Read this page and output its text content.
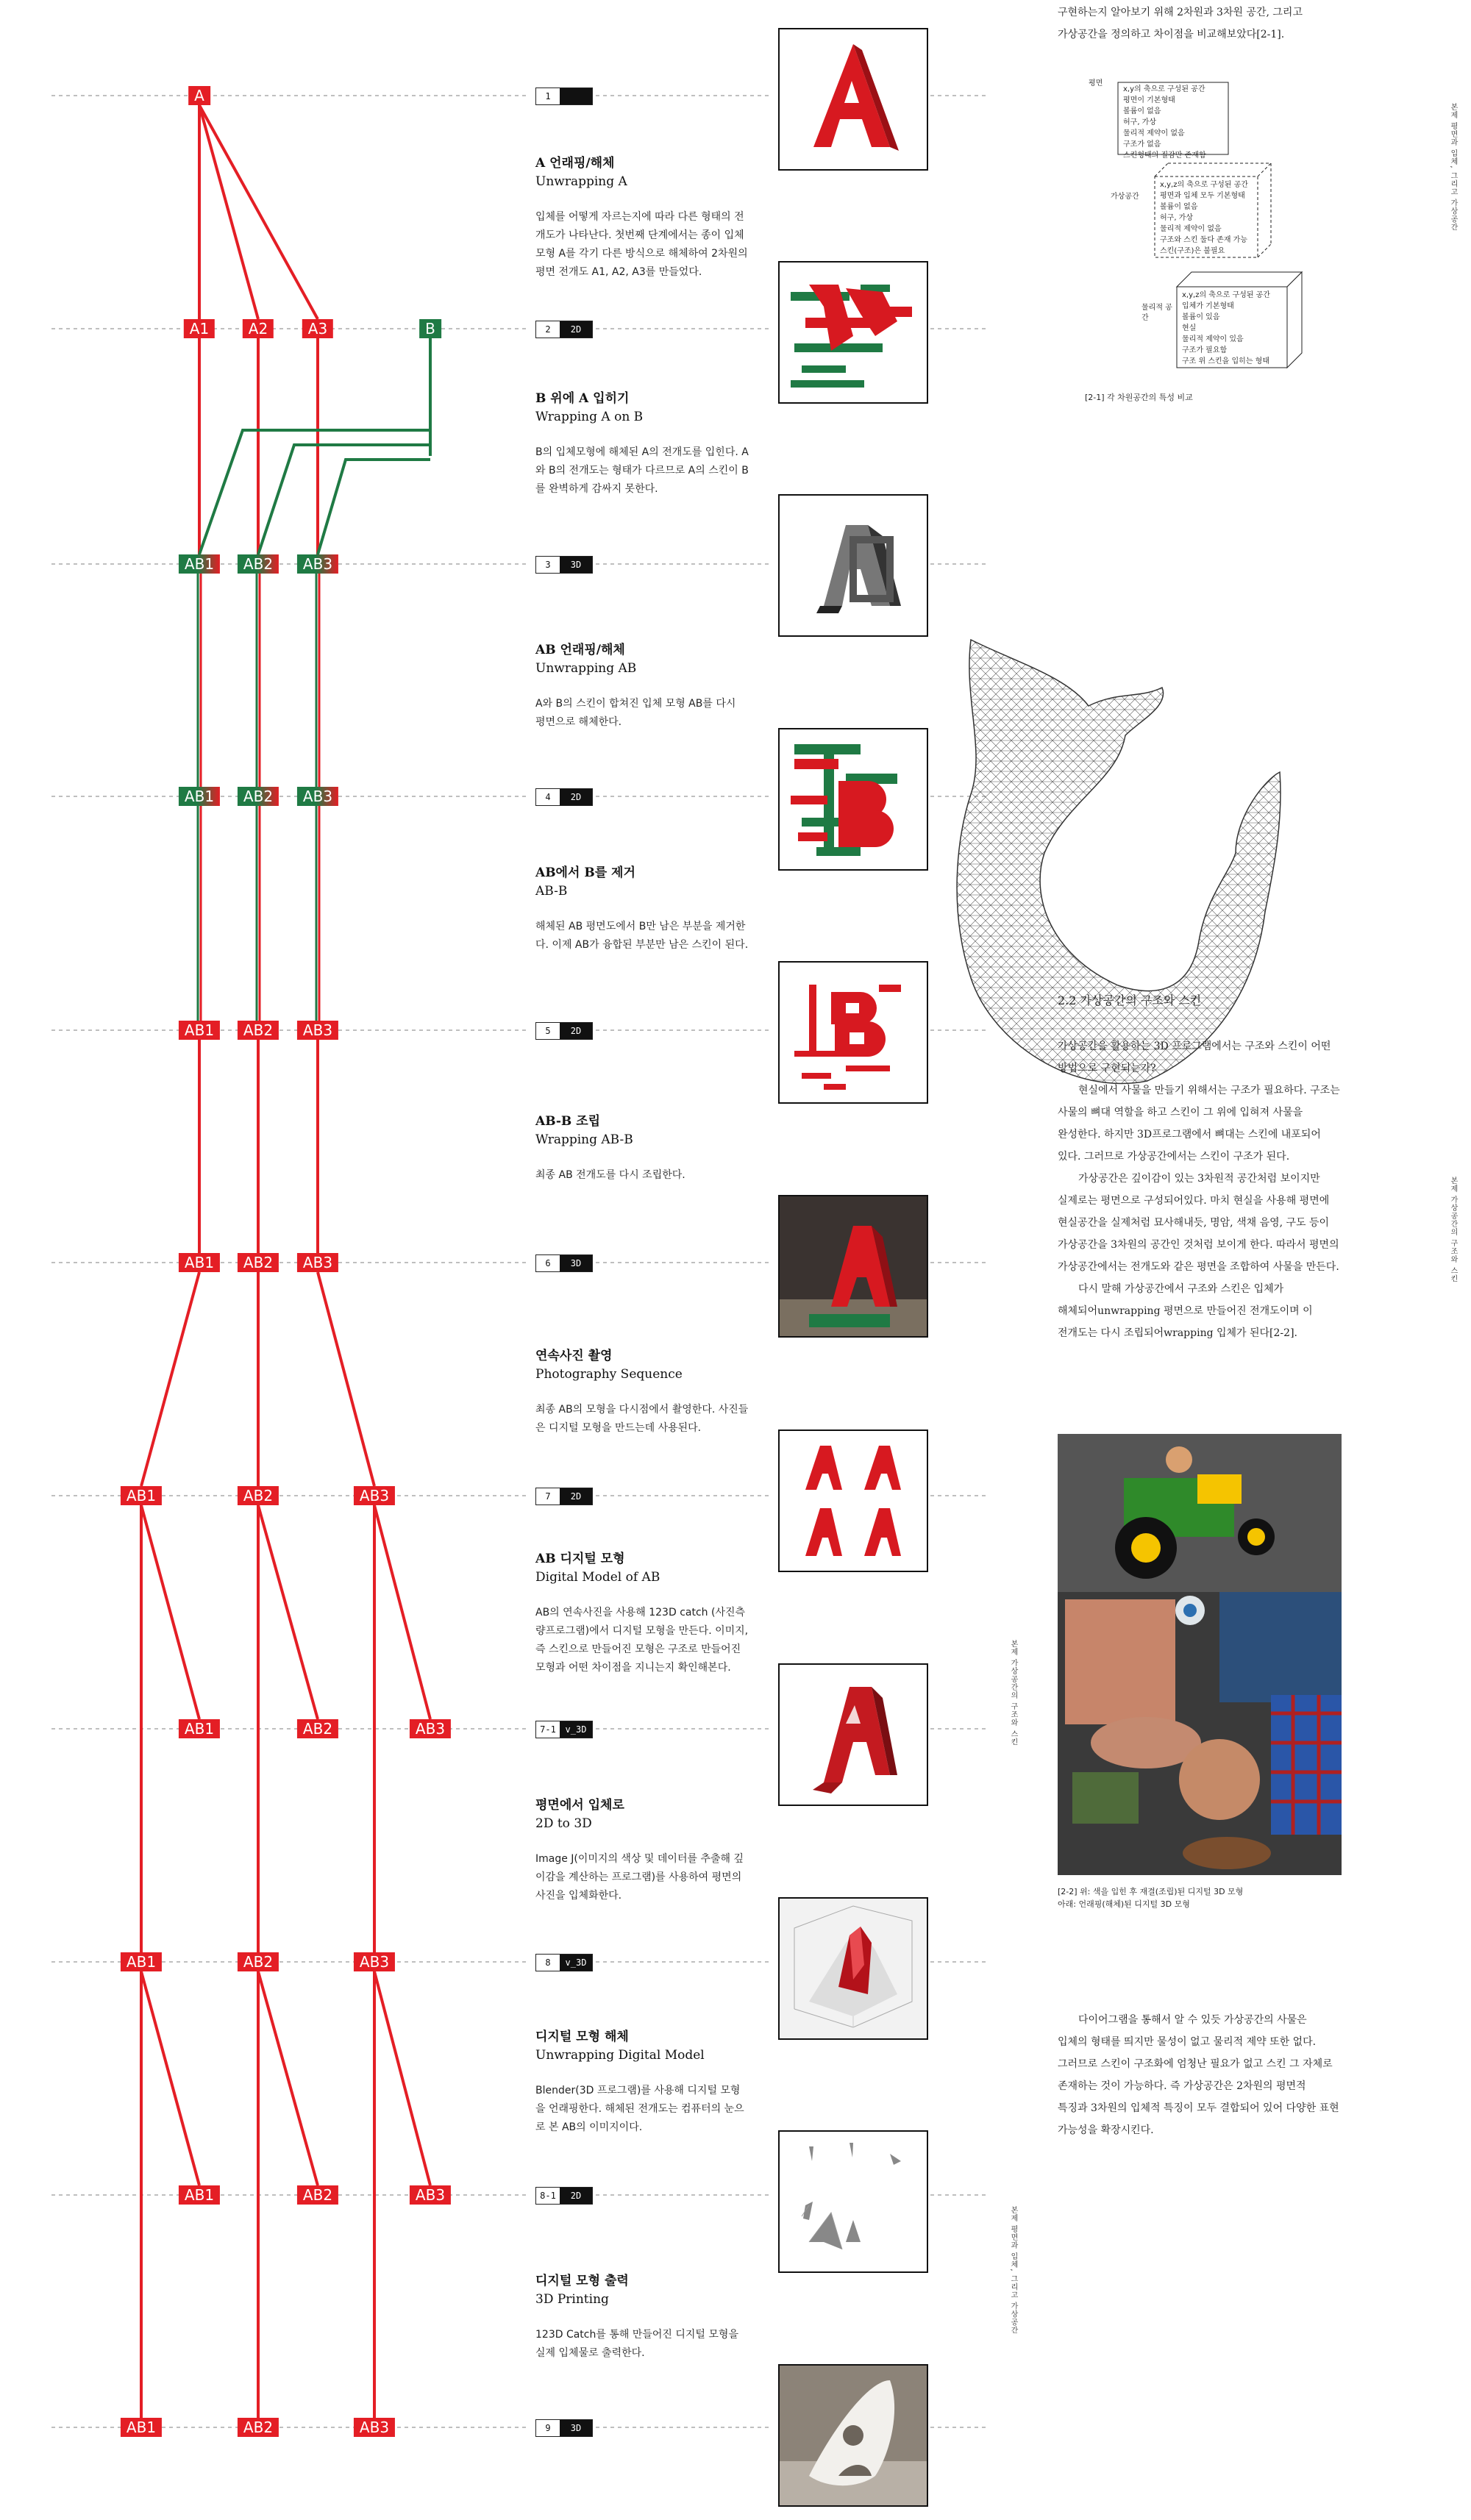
A
A1	A2	A3	B
AB1	AB2	AB3
AB1	AB2	AB3
AB1	AB2	AB3
AB1	AB2	AB3
AB1	AB2	AB3
AB1	AB2	AB3
AB1	AB2	AB3
AB1	AB2	AB3
AB1	AB2	AB3
1
2	2D
3	3D
4	2D
5	2D
6	3D
7	2D
7-1	v_3D
8	v_3D
8-1	2D
9	3D
A 언래핑/해체
Unwrapping A
입체를 어떻게 자르는지에 따라 다른 형태의 전개도가 나타난다. 첫번째 단계에서는 종이 입체모형 A를 각기 다른 방식으로 해체하여 2차원의 평면 전개도 A1, A2, A3를 만들었다.
B 위에 A 입히기
Wrapping A on B
B의 입체모형에 해체된 A의 전개도를 입힌다. A와 B의 전개도는 형태가 다르므로 A의 스킨이 B를 완벽하게 감싸지 못한다.
AB 언래핑/해체
Unwrapping AB
A와 B의 스킨이 합쳐진 입체 모형 AB를 다시 평면으로 해체한다.
AB에서 B를 제거
AB-B
해체된 AB 평면도에서 B만 남은 부분을 제거한다. 이제 AB가 융합된 부분만 남은 스킨이 된다.
AB-B 조립
Wrapping AB-B
최종 AB 전개도를 다시 조립한다.
연속사진 촬영
Photography Sequence
최종 AB의 모형을 다시점에서 촬영한다. 사진들은 디지털 모형을 만드는데 사용된다.
AB 디지털 모형
Digital Model of AB
AB의 연속사진을 사용해 123D catch (사진측량프로그램)에서 디지털 모형을 만든다. 이미지, 즉 스킨으로 만들어진 모형은 구조로 만들어진 모형과 어떤 차이점을 지니는지 확인해본다.
평면에서 입체로
2D to 3D
Image J(이미지의 색상 및 데이터를 추출해 깊이감을 계산하는 프로그램)를 사용하여 평면의 사진을 입체화한다.
디지털 모형 해체
Unwrapping Digital Model
Blender(3D 프로그램)를 사용해 디지털 모형을 언래핑한다. 해체된 전개도는 컴퓨터의 눈으로 본 AB의 이미지이다.
디지털 모형 출력
3D Printing
123D Catch를 통해 만들어진 디지털 모형을 실제 입체물로 출력한다.
구현하는지 알아보기 위해 2차원과 3차원 공간, 그리고
가상공간을 정의하고 차이점을 비교해보았다[2-1].
평면
x,y의 축으로 구성된 공간
평면이 기본형태
볼륨이 없음
허구, 가상
물리적 제약이 없음
구조가 없음
스킨형태의 질감만 존재함
가상공간
x,y,z의 축으로 구성된 공간
평면과 입체 모두 기본형태
볼륨이 없음
허구, 가상
물리적 제약이 없음
구조와 스킨 둘다 존재 가능
스킨(구조)은 불필요
물리적 공간
x,y,z의 축으로 구성된 공간
입체가 기본형태
볼륨이 있음
현실
물리적 제약이 있음
구조가 필요함
구조 위 스킨을 입히는 형태
[2-1] 각 차원공간의 특성 비교
2.2 가상공간의 구조와 스킨
가상공간을 활용하는 3D 프로그램에서는 구조와 스킨이 어떤
방법으로 구현되는가?
현실에서 사물을 만들기 위해서는 구조가 필요하다. 구조는
사물의 뼈대 역할을 하고 스킨이 그 위에 입혀져 사물을
완성한다. 하지만 3D프로그램에서 뼈대는 스킨에 내포되어
있다. 그러므로 가상공간에서는 스킨이 구조가 된다.
가상공간은 깊이감이 있는 3차원적 공간처럼 보이지만
실제로는 평면으로 구성되어있다. 마치 현실을 사용해 평면에
현실공간을 실제처럼 묘사해내듯, 명암, 색채 음영, 구도 등이
가상공간을 3차원의 공간인 것처럼 보이게 한다. 따라서 평면의
가상공간에서는 전개도와 같은 평면을 조합하여 사물을 만든다.
다시 말해 가상공간에서 구조와 스킨은 입체가
해체되어unwrapping 평면으로 만들어진 전개도이며 이
전개도는 다시 조립되어wrapping 입체가 된다[2-2].
[2-2] 위: 색을 입힌 후 재결(조립)된 디지털 3D 모형
아래: 언래핑(해체)된 디지털 3D 모형
다이어그램을 통해서 알 수 있듯 가상공간의 사물은
입체의 형태를 띄지만 물성이 없고 물리적 제약 또한 없다.
그러므로 스킨이 구조화에 엄청난 필요가 없고 스킨 그 자체로
존재하는 것이 가능하다. 즉 가상공간은 2차원의 평면적
특징과 3차원의 입체적 특징이 모두 결합되어 있어 다양한 표현
가능성을 확장시킨다.
본제 평면과 입체, 그리고 가상공간
본제 가상공간의 구조와 스킨
본제 가상공간의 구조와 스킨
본제 평면과 입체, 그리고 가상공간
